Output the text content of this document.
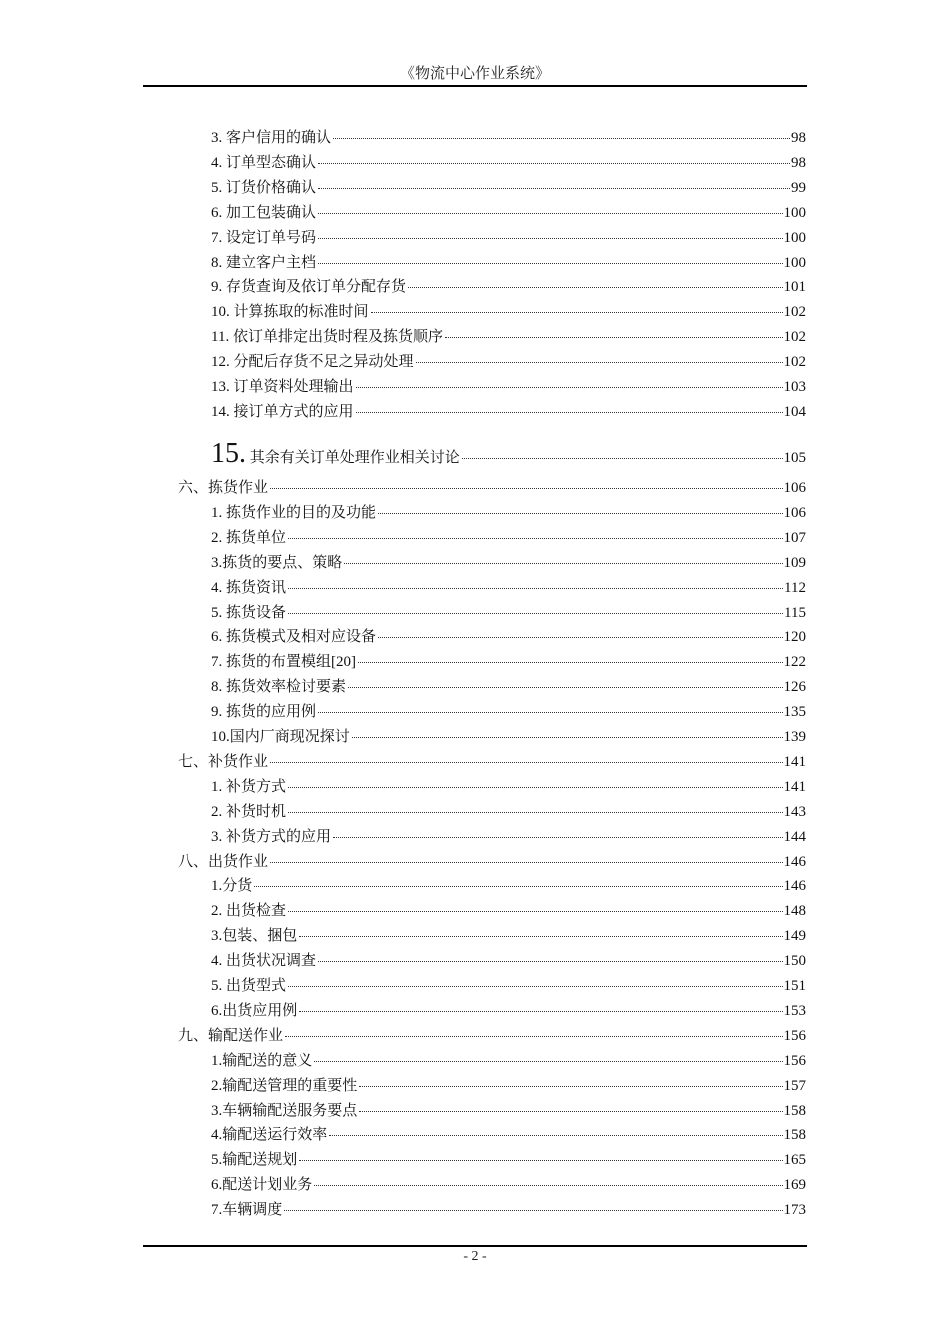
《物流中心作业系统》
3. 客户信用的确认	98
4. 订单型态确认	98
5. 订货价格确认	99
6. 加工包装确认	100
7. 设定订单号码	100
8. 建立客户主档	100
9. 存货查询及依订单分配存货	101
10. 计算拣取的标准时间	102
11. 依订单排定出货时程及拣货顺序	102
12. 分配后存货不足之异动处理	102
13. 订单资料处理输出	103
14. 接订单方式的应用	104
15. 其余有关订单处理作业相关讨论	105
六、拣货作业	106
1. 拣货作业的目的及功能	106
2. 拣货单位	107
3.拣货的要点、策略	109
4. 拣货资讯	112
5. 拣货设备	115
6. 拣货模式及相对应设备	120
7. 拣货的布置模组[20]	122
8. 拣货效率检讨要素	126
9. 拣货的应用例	135
10.国内厂商现况探讨	139
七、补货作业	141
1. 补货方式	141
2. 补货时机	143
3. 补货方式的应用	144
八、出货作业	146
1.分货	146
2. 出货检查	148
3.包装、捆包	149
4. 出货状况调查	150
5. 出货型式	151
6.出货应用例	153
九、输配送作业	156
1.输配送的意义	156
2.输配送管理的重要性	157
3.车辆输配送服务要点	158
4.输配送运行效率	158
5.输配送规划	165
6.配送计划业务	169
7.车辆调度	173
- 2 -
